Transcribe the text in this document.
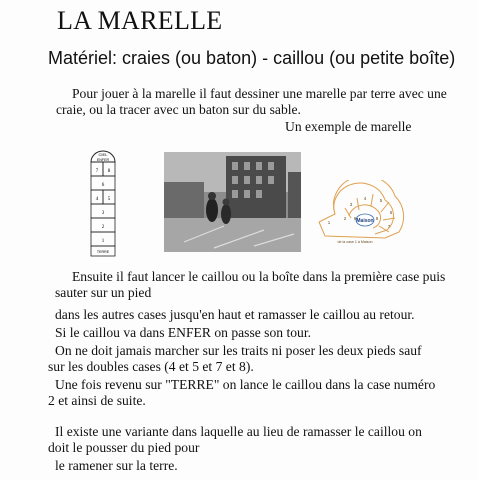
LA MARELLE
Matériel: craies (ou baton) - caillou (ou petite boîte)
Pour jouer à la marelle il faut dessiner une marelle par terre avec une
craie, ou la tracer avec un baton sur du sable.
Un exemple de marelle
CIEL
ENFER
7 8
6
4 5
3
2
1
TERRE
Maison
1
2
3
4	5
6
7
8
9
de la case 1 à Maison
Ensuite il faut lancer le caillou ou la boîte dans la première case puis
sauter sur un pied
dans les autres cases jusqu'en haut et ramasser le caillou au retour.
Si le caillou va dans ENFER on passe son tour.
On ne doit jamais marcher sur les traits ni poser les deux pieds sauf
sur les doubles cases (4 et 5 et 7 et 8).
Une fois revenu sur "TERRE" on lance le caillou dans la case numéro
2 et ainsi de suite.
Il existe une variante dans laquelle au lieu de ramasser le caillou on
doit le pousser du pied pour
le ramener sur la terre.
